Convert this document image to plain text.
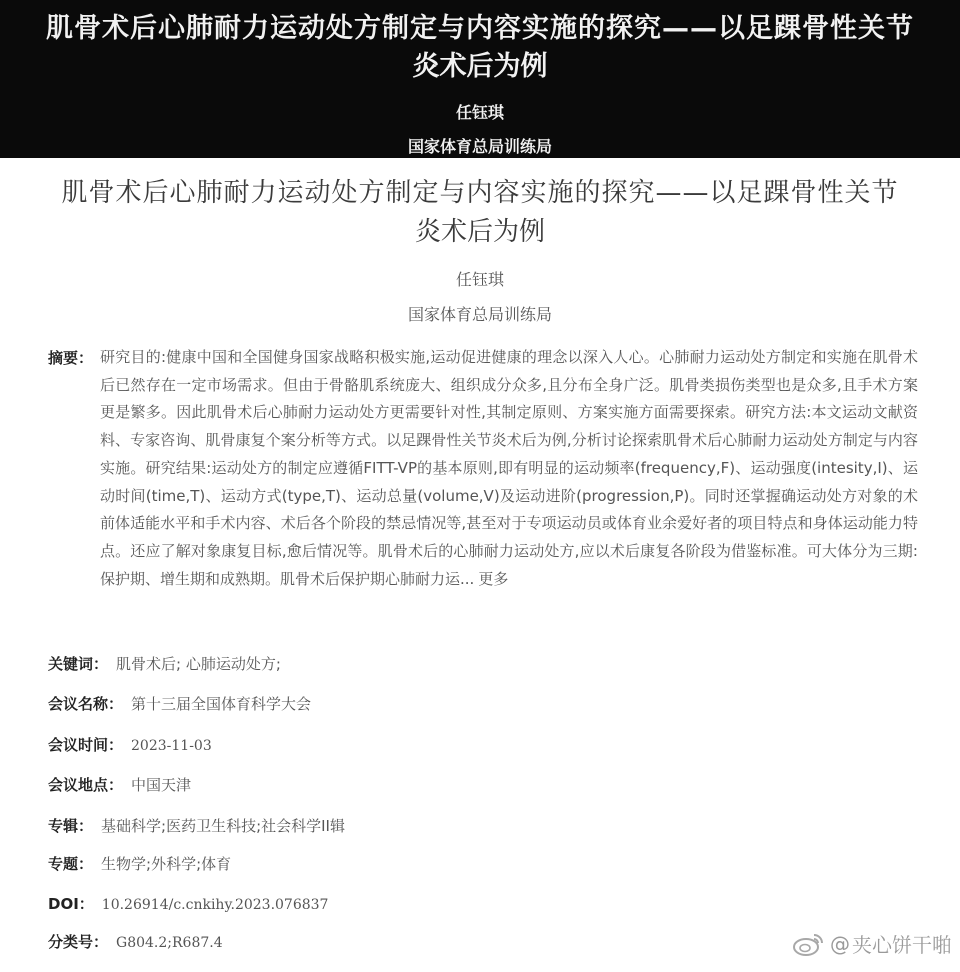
肌骨术后心肺耐力运动处方制定与内容实施的探究——以足踝骨性关节
炎术后为例
任钰琪
国家体育总局训练局
肌骨术后心肺耐力运动处方制定与内容实施的探究——以足踝骨性关节
炎术后为例
任钰琪
国家体育总局训练局
摘要： 研究目的:健康中国和全国健身国家战略积极实施,运动促进健康的理念以深入人心。心肺耐力运动处方制定和实施在肌骨术后已然存在一定市场需求。但由于骨骼肌系统庞大、组织成分众多,且分布全身广泛。肌骨类损伤类型也是众多,且手术方案更是繁多。因此肌骨术后心肺耐力运动处方更需要针对性,其制定原则、方案实施方面需要探索。研究方法:本文运动文献资料、专家咨询、肌骨康复个案分析等方式。以足踝骨性关节炎术后为例,分析讨论探索肌骨术后心肺耐力运动处方制定与内容实施。研究结果:运动处方的制定应遵循FITT-VP的基本原则,即有明显的运动频率(frequency,F)、运动强度(intesity,I)、运动时间(time,T)、运动方式(type,T)、运动总量(volume,V)及运动进阶(progression,P)。同时还掌握确运动处方对象的术前体适能水平和手术内容、术后各个阶段的禁忌情况等,甚至对于专项运动员或体育业余爱好者的项目特点和身体运动能力特点。还应了解对象康复目标,愈后情况等。肌骨术后的心肺耐力运动处方,应以术后康复各阶段为借鉴标准。可大体分为三期:保护期、增生期和成熟期。肌骨术后保护期心肺耐力运... 更多
关键词： 肌骨术后; 心肺运动处方;
会议名称： 第十三届全国体育科学大会
会议时间： 2023-11-03
会议地点： 中国天津
专辑： 基础科学;医药卫生科技;社会科学II辑
专题： 生物学;外科学;体育
DOI： 10.26914/c.cnkihy.2023.076837
分类号： G804.2;R687.4	@ 夹心饼干啪
